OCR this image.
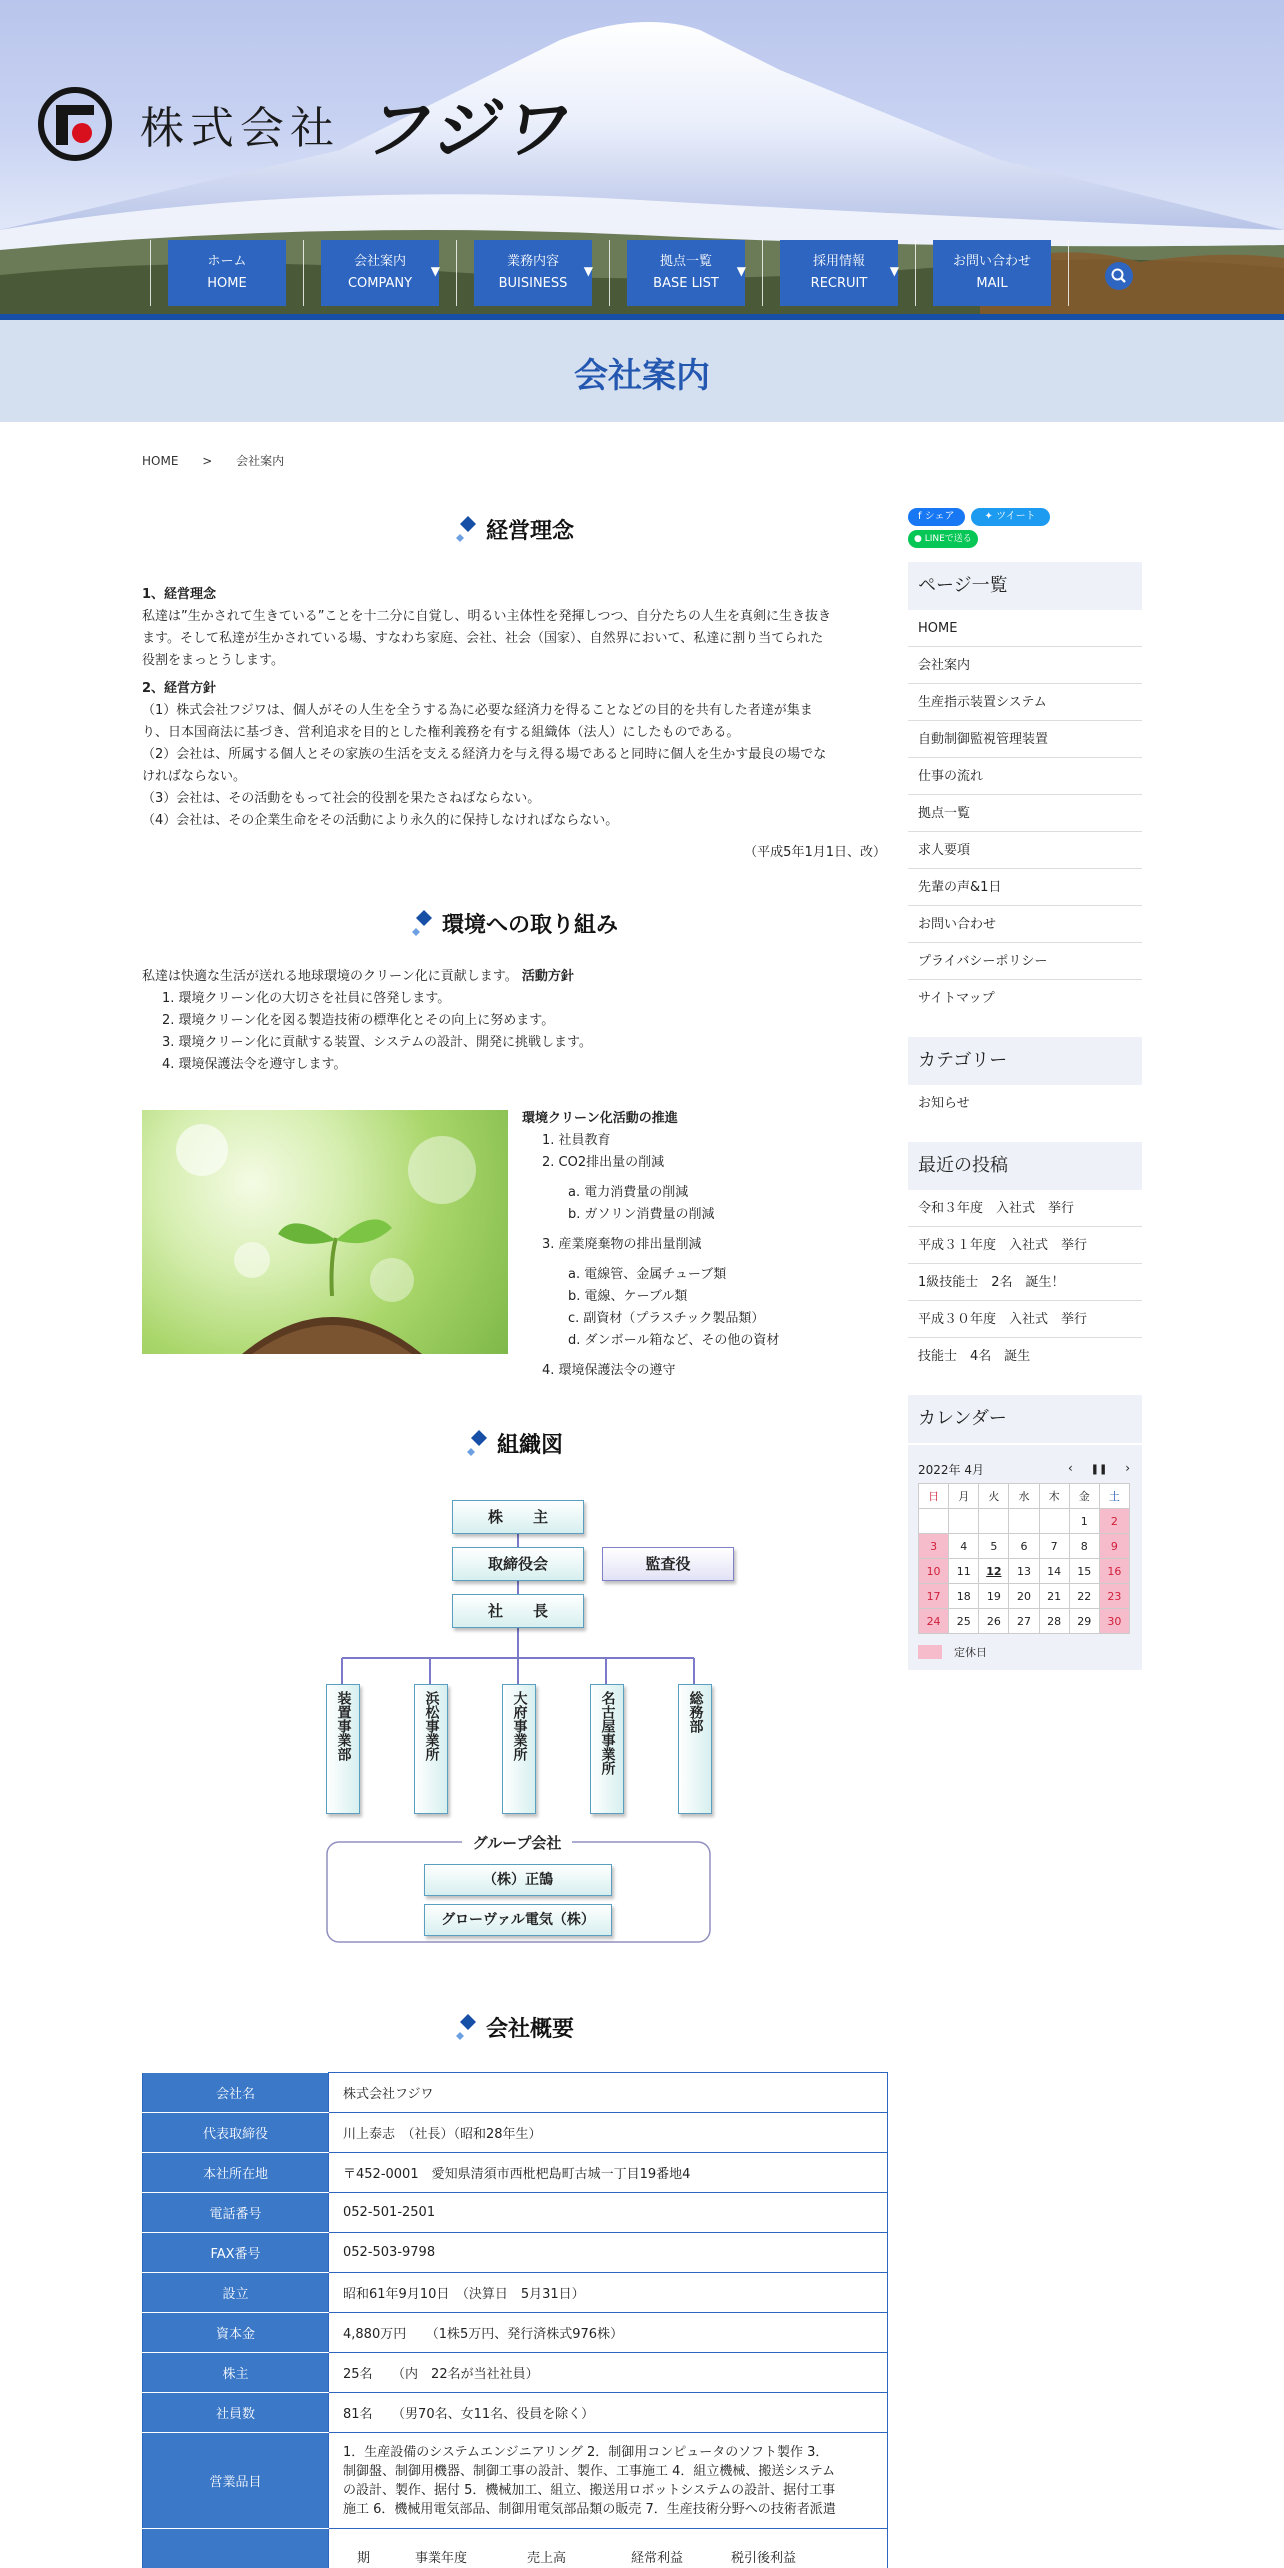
株式会社 フジワ
ホーム
HOME
会社案内
COMPANY
▼
業務内容
BUISINESS
▼
拠点一覧
BASE LIST
▼
採用情報
RECRUIT
▼
お問い合わせ
MAIL
会社案内
HOME > 会社案内
経営理念
1、経営理念
私達は”生かされて生きている”ことを十二分に自覚し、明るい主体性を発揮しつつ、自分たちの人生を真剣に生き抜き
ます。そして私達が生かされている場、すなわち家庭、会社、社会（国家）、自然界において、私達に割り当てられた
役割をまっとうします。
2、経営方針
（1）株式会社フジワは、個人がその人生を全うする為に必要な経済力を得ることなどの目的を共有した者達が集ま
り、日本国商法に基づき、営利追求を目的とした権利義務を有する組織体（法人）にしたものである。
（2）会社は、所属する個人とその家族の生活を支える経済力を与え得る場であると同時に個人を生かす最良の場でな
ければならない。
（3）会社は、その活動をもって社会的役割を果たさねばならない。
（4）会社は、その企業生命をその活動により永久的に保持しなければならない。
（平成5年1月1日、改）
環境への取り組み
私達は快適な生活が送れる地球環境のクリーン化に貢献します。 活動方針
1. 環境クリーン化の大切さを社員に啓発します。
2. 環境クリーン化を図る製造技術の標準化とその向上に努めます。
3. 環境クリーン化に貢献する装置、システムの設計、開発に挑戦します。
4. 環境保護法令を遵守します。
環境クリーン化活動の推進
1. 社員教育
2. CO2排出量の削減
a. 電力消費量の削減
b. ガソリン消費量の削減
3. 産業廃棄物の排出量削減
a. 電線管、金属チューブ類
b. 電線、ケーブル類
c. 副資材（プラスチック製品類）
d. ダンボール箱など、その他の資材
4. 環境保護法令の遵守
組織図
株　　主
取締役会	監査役
社　　長
装置事業部	浜松事業所	大府事業所	名古屋事業所	総務部
グループ会社
（株）正鵠
グローヴァル電気（株）
会社概要
会社名	株式会社フジワ
代表取締役	川上泰志　（社長）（昭和28年生）
本社所在地	〒452-0001　愛知県清須市西枇杷島町古城一丁目19番地4
電話番号	052-501-2501
FAX番号	052-503-9798
設立	昭和61年9月10日　（決算日　5月31日）
資本金	4,880万円　　（1株5万円、発行済株式976株）
株主	25名　　（内　22名が当社社員）
社員数	81名　　（男70名、女11名、役員を除く）
営業品目	1．生産設備のシステムエンジニアリング 2．制御用コンピュータのソフト製作 3．
制御盤、制御用機器、制御工事の設計、製作、工事施工 4．組立機械、搬送システム
の設計、製作、据付 5．機械加工、組立、搬送用ロボットシステムの設計、据付工事
施工 6．機械用電気部品、制御用電気部品類の販売 7．生産技術分野への技術者派遣

	期 事業年度 売上高 経常利益 税引後利益
f シェア	✦ ツイート
● LINEで送る
ページ一覧
HOME
会社案内
生産指示装置システム
自動制御監視管理装置
仕事の流れ
拠点一覧
求人要項
先輩の声&1日
お問い合わせ
プライバシーポリシー
サイトマップ
カテゴリー
お知らせ
最近の投稿
令和３年度　入社式　挙行
平成３１年度　入社式　挙行
1級技能士　2名　誕生！
平成３０年度　入社式　挙行
技能士　4名　誕生
カレンダー
2022年 4月	‹ ❚❚ ›
日	月	火	水	木	金	土
					1	2
3	4	5	6	7	8	9
10	11	12	13	14	15	16
17	18	19	20	21	22	23
24	25	26	27	28	29	30
定休日
